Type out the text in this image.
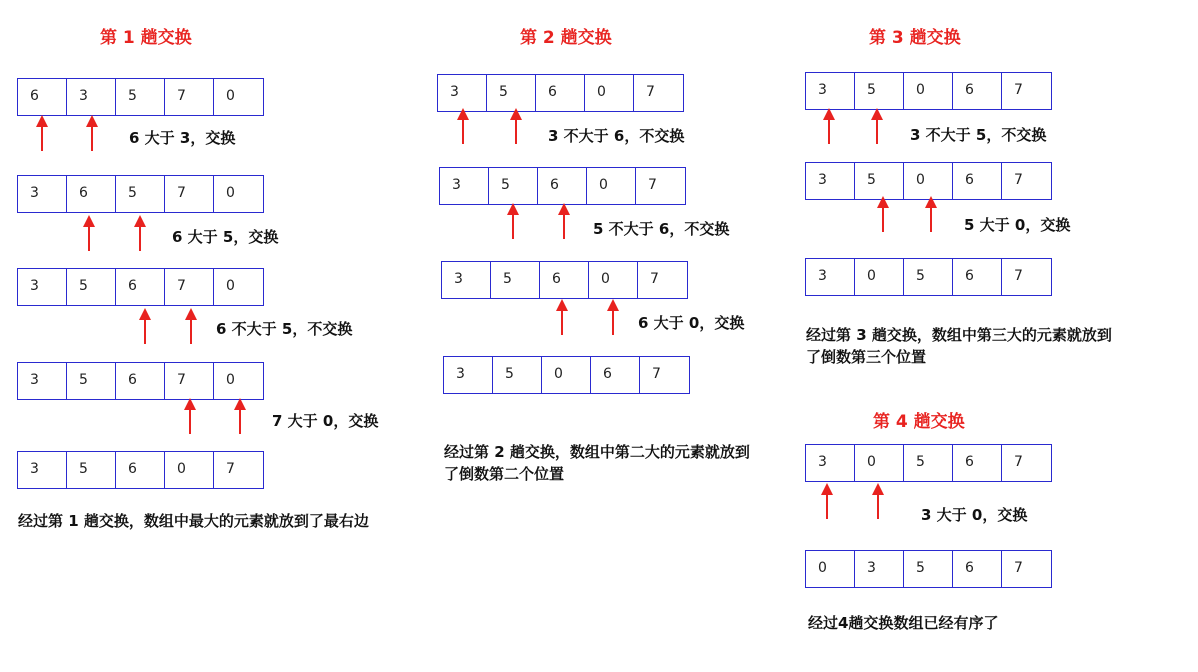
第 1 趟交换
6	3	5	7	0
6 大于 3，交换
3	6	5	7	0
6 大于 5，交换
3	5	6	7	0
6 不大于 5，不交换
3	5	6	7	0
7 大于 0，交换
3	5	6	0	7
经过第 1 趟交换，数组中最大的元素就放到了最右边
第 2 趟交换
3	5	6	0	7
3 不大于 6，不交换
3	5	6	0	7
5 不大于 6，不交换
3	5	6	0	7
6 大于 0，交换
3	5	0	6	7
经过第 2 趟交换，数组中第二大的元素就放到
了倒数第二个位置
第 3 趟交换
3	5	0	6	7
3 不大于 5，不交换
3	5	0	6	7
5 大于 0，交换
3	0	5	6	7
经过第 3 趟交换，数组中第三大的元素就放到
了倒数第三个位置
第 4 趟交换
3	0	5	6	7
3 大于 0，交换
0	3	5	6	7
经过4趟交换数组已经有序了
